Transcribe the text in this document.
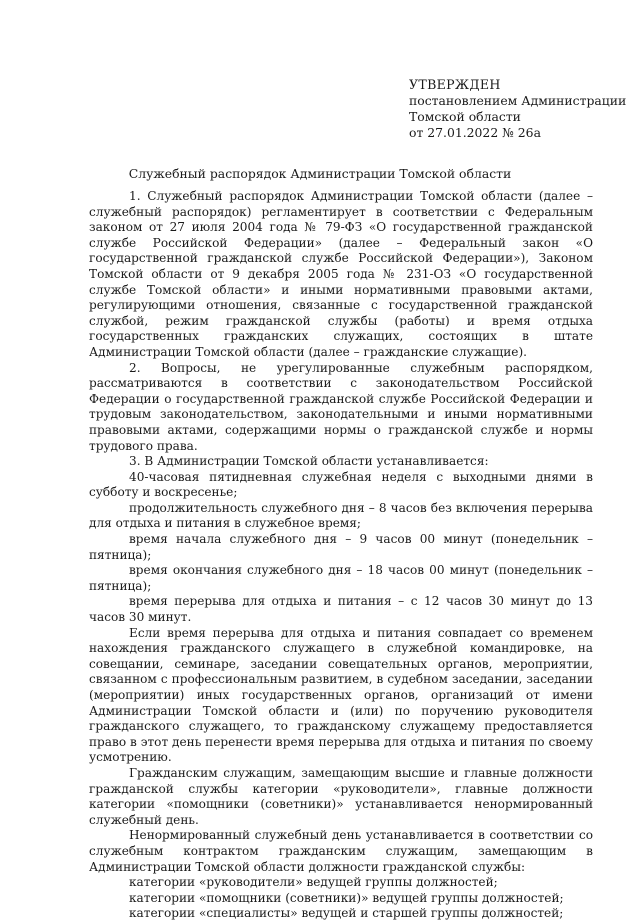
УТВЕРЖДЕН
постановлением Администрации
Томской области
от 27.01.2022 № 26а
Служебный распорядок Администрации Томской области

1. Служебный распорядок Администрации Томской области (далее – служебный распорядок) регламентирует в соответствии с Федеральным законом от 27 июля 2004 года № 79-ФЗ «О государственной гражданской службе Российской Федерации» (далее – Федеральный закон «О государственной гражданской службе Российской Федерации»), Законом Томской области от 9 декабря 2005 года № 231-ОЗ «О государственной службе Томской области» и иными нормативными правовыми актами, регулирующими отношения, связанные с государственной гражданской службой, режим гражданской службы (работы) и время отдыха государственных гражданских служащих, состоящих в штате Администрации Томской области (далее – гражданские служащие).

2. Вопросы, не урегулированные служебным распорядком, рассматриваются в соответствии с законодательством Российской Федерации о государственной гражданской службе Российской Федерации и трудовым законодательством, законодательными и иными нормативными правовыми актами, содержащими нормы о гражданской службе и нормы трудового права.

3. В Администрации Томской области устанавливается:

40-часовая пятидневная служебная неделя с выходными днями в субботу и воскресенье;

продолжительность служебного дня – 8 часов без включения перерыва для отдыха и питания в служебное время;

время начала служебного дня – 9 часов 00 минут (понедельник – пятница);

время окончания служебного дня – 18 часов 00 минут (понедельник – пятница);

время перерыва для отдыха и питания – с 12 часов 30 минут до 13 часов 30 минут.

Если время перерыва для отдыха и питания совпадает со временем нахождения гражданского служащего в служебной командировке, на совещании, семинаре, заседании совещательных органов, мероприятии, связанном с профессиональным развитием, в судебном заседании, заседании (мероприятии) иных государственных органов, организаций от имени Администрации Томской области и (или) по поручению руководителя гражданского служащего, то гражданскому служащему предоставляется право в этот день перенести время перерыва для отдыха и питания по своему усмотрению.

Гражданским служащим, замещающим высшие и главные должности гражданской службы категории «руководители», главные должности категории «помощники (советники)» устанавливается ненормированный служебный день.

Ненормированный служебный день устанавливается в соответствии со служебным контрактом гражданским служащим, замещающим в Администрации Томской области должности гражданской службы:

категории «руководители» ведущей группы должностей;

категории «помощники (советники)» ведущей группы должностей;

категории «специалисты» ведущей и старшей группы должностей;
